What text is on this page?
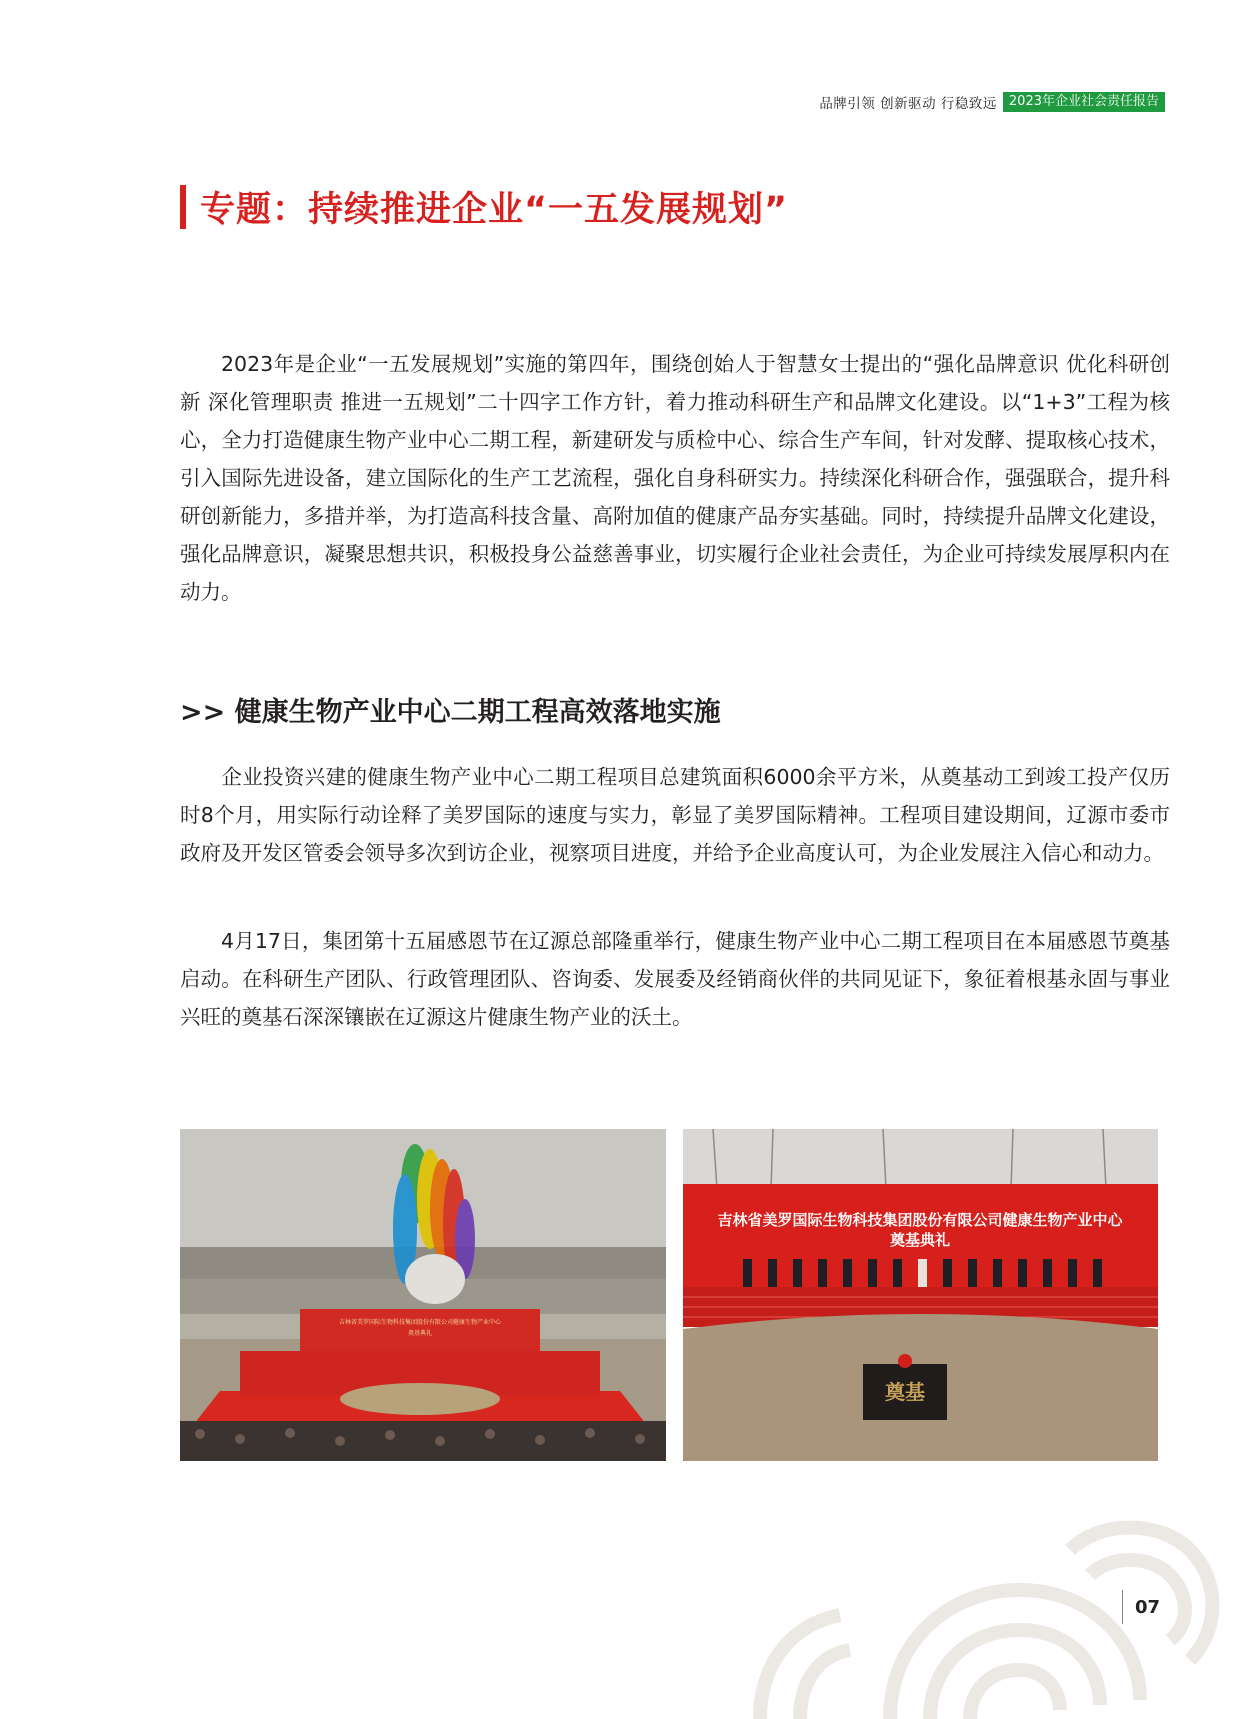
品牌引领 创新驱动 行稳致远 2023年企业社会责任报告
专题：持续推进企业“一五发展规划”

2023年是企业“一五发展规划”实施的第四年，围绕创始人于智慧女士提出的“强化品牌意识 优化科研创新 深化管理职责 推进一五规划”二十四字工作方针，着力推动科研生产和品牌文化建设。以“1+3”工程为核心，全力打造健康生物产业中心二期工程，新建研发与质检中心、综合生产车间，针对发酵、提取核心技术，引入国际先进设备，建立国际化的生产工艺流程，强化自身科研实力。持续深化科研合作，强强联合，提升科研创新能力，多措并举，为打造高科技含量、高附加值的健康产品夯实基础。同时，持续提升品牌文化建设，强化品牌意识，凝聚思想共识，积极投身公益慈善事业，切实履行企业社会责任，为企业可持续发展厚积内在动力。

>> 健康生物产业中心二期工程高效落地实施

企业投资兴建的健康生物产业中心二期工程项目总建筑面积6000余平方米，从奠基动工到竣工投产仅历时8个月，用实际行动诠释了美罗国际的速度与实力，彰显了美罗国际精神。工程项目建设期间，辽源市委市政府及开发区管委会领导多次到访企业，视察项目进度，并给予企业高度认可，为企业发展注入信心和动力。

4月17日，集团第十五届感恩节在辽源总部隆重举行，健康生物产业中心二期工程项目在本届感恩节奠基启动。在科研生产团队、行政管理团队、咨询委、发展委及经销商伙伴的共同见证下，象征着根基永固与事业兴旺的奠基石深深镶嵌在辽源这片健康生物产业的沃土。

吉林省美罗国际生物科技集团股份有限公司健康生物产业中心
奠基典礼
吉林省美罗国际生物科技集团股份有限公司健康生物产业中心
奠基典礼
奠基
07
